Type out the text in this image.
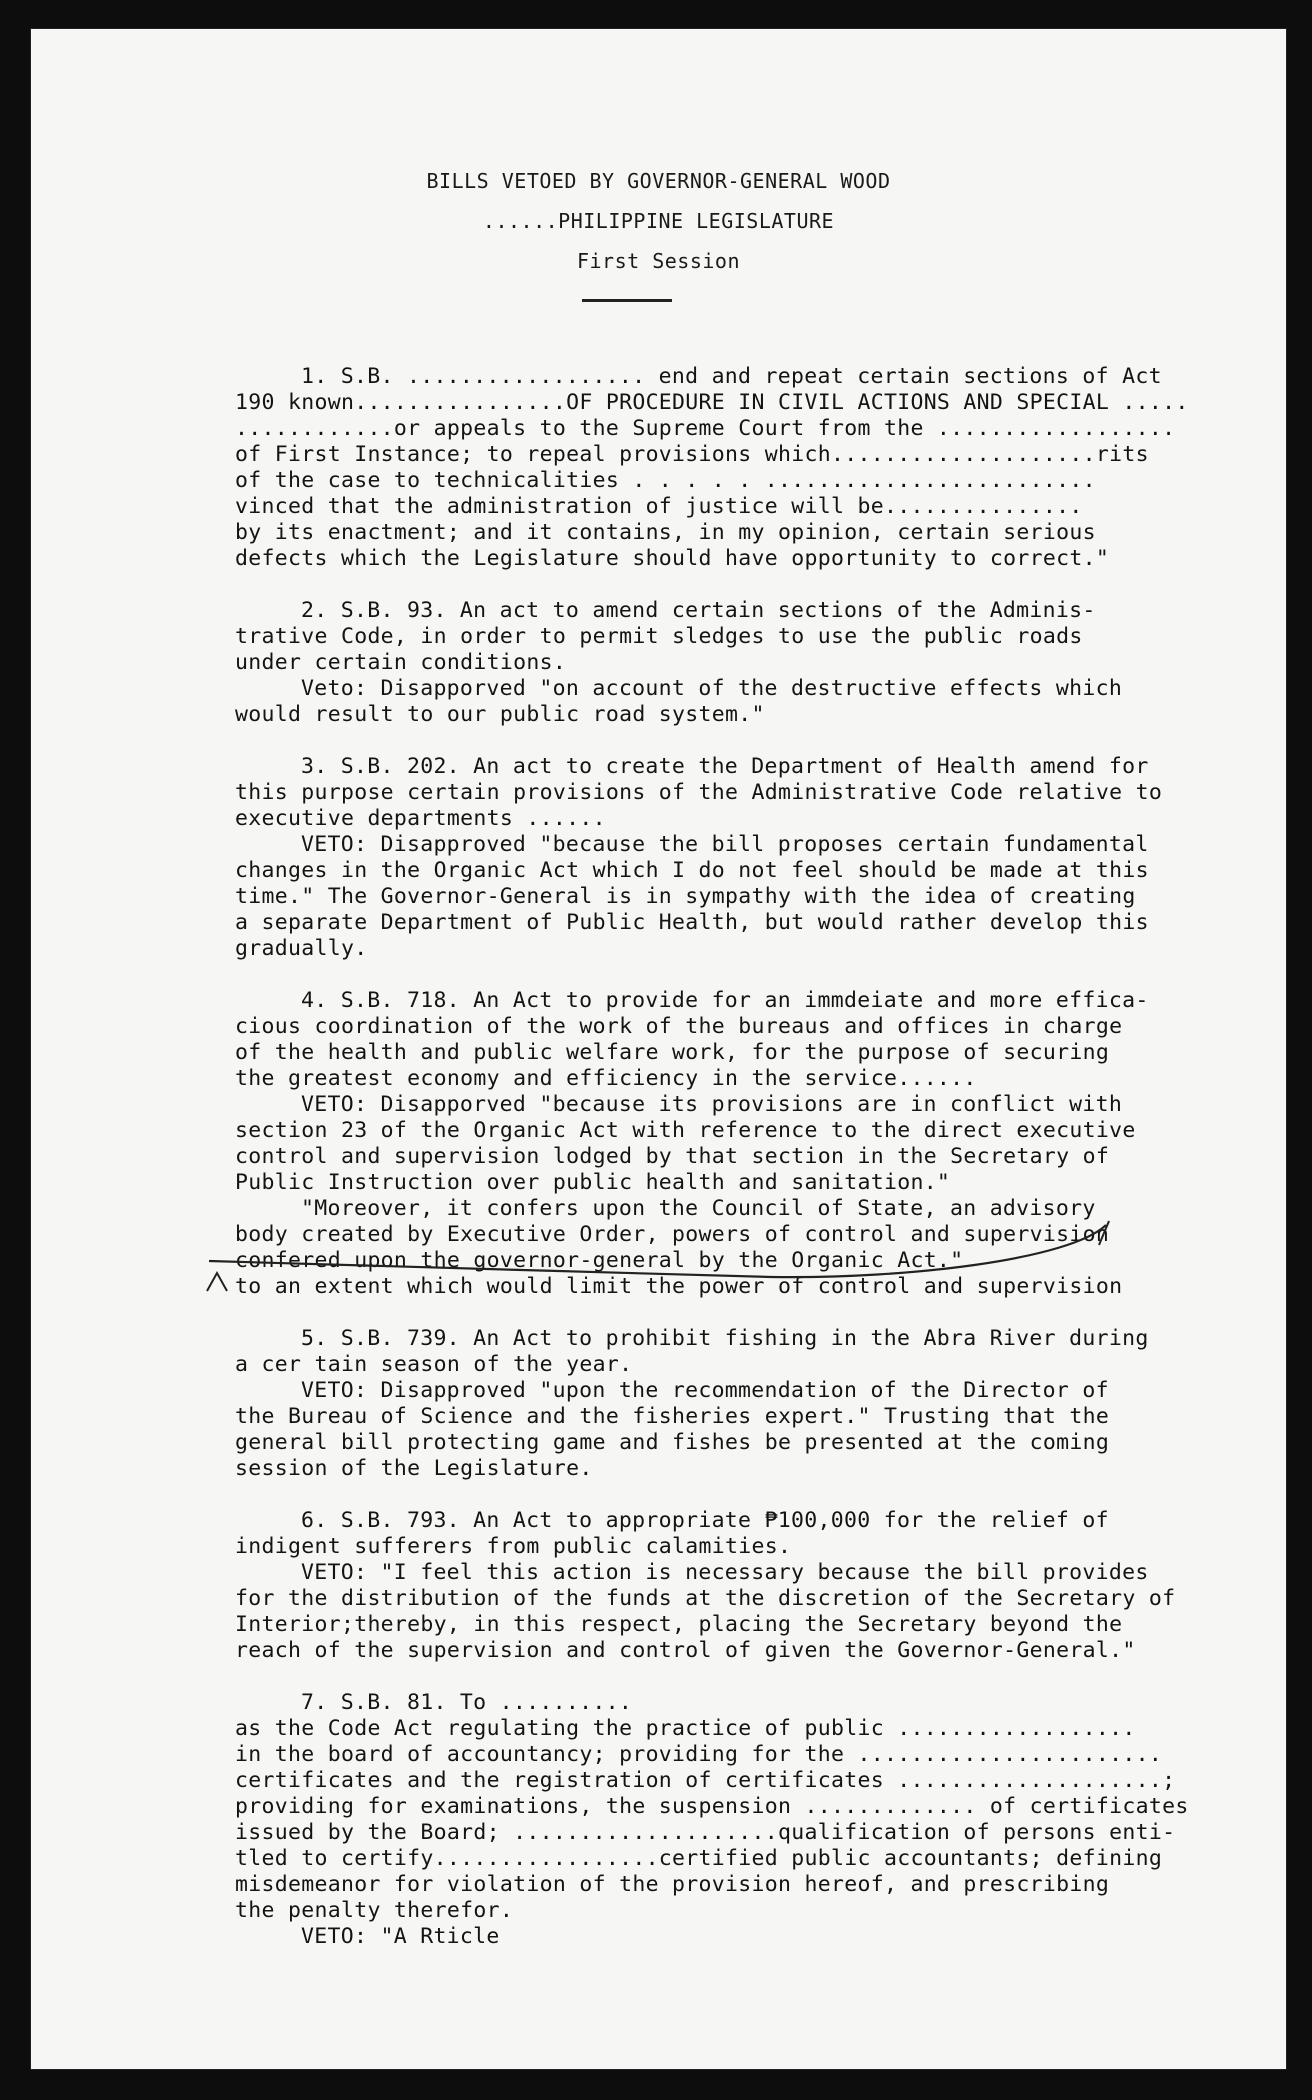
BILLS VETOED BY GOVERNOR-GENERAL WOOD
......PHILIPPINE LEGISLATURE
First Session
1. S.B. .................. end and repeat certain sections of Act
190 known................OF PROCEDURE IN CIVIL ACTIONS AND SPECIAL .....
............or appeals to the Supreme Court from the ..................
of First Instance; to repeal provisions which....................rits
of the case to technicalities . . . . . .........................
vinced that the administration of justice will be...............
by its enactment; and it contains, in my opinion, certain serious
defects which the Legislature should have opportunity to correct."
2. S.B. 93. An act to amend certain sections of the Adminis-
trative Code, in order to permit sledges to use the public roads
under certain conditions.
Veto: Disapporved "on account of the destructive effects which
would result to our public road system."
3. S.B. 202. An act to create the Department of Health amend for
this purpose certain provisions of the Administrative Code relative to
executive departments ......
VETO: Disapproved "because the bill proposes certain fundamental
changes in the Organic Act which I do not feel should be made at this
time." The Governor-General is in sympathy with the idea of creating
a separate Department of Public Health, but would rather develop this
gradually.
4. S.B. 718. An Act to provide for an immdeiate and more effica-
cious coordination of the work of the bureaus and offices in charge
of the health and public welfare work, for the purpose of securing
the greatest economy and efficiency in the service......
VETO: Disapporved "because its provisions are in conflict with
section 23 of the Organic Act with reference to the direct executive
control and supervision lodged by that section in the Secretary of
Public Instruction over public health and sanitation."
"Moreover, it confers upon the Council of State, an advisory
body created by Executive Order, powers of control and supervision
confered upon the governor-general by the Organic Act."
to an extent which would limit the power of control and supervision
5. S.B. 739. An Act to prohibit fishing in the Abra River during
a cer tain season of the year.
VETO: Disapproved "upon the recommendation of the Director of
the Bureau of Science and the fisheries expert." Trusting that the
general bill protecting game and fishes be presented at the coming
session of the Legislature.
6. S.B. 793. An Act to appropriate ₱100,000 for the relief of
indigent sufferers from public calamities.
VETO: "I feel this action is necessary because the bill provides
for the distribution of the funds at the discretion of the Secretary of
Interior;thereby, in this respect, placing the Secretary beyond the
reach of the supervision and control of given the Governor-General."
7. S.B. 81. To ..........
as the Code Act regulating the practice of public ..................
in the board of accountancy; providing for the .......................
certificates and the registration of certificates ....................;
providing for examinations, the suspension ............. of certificates
issued by the Board; ....................qualification of persons enti-
tled to certify.................certified public accountants; defining
misdemeanor for violation of the provision hereof, and prescribing
the penalty therefor.
VETO: "A Rticle
